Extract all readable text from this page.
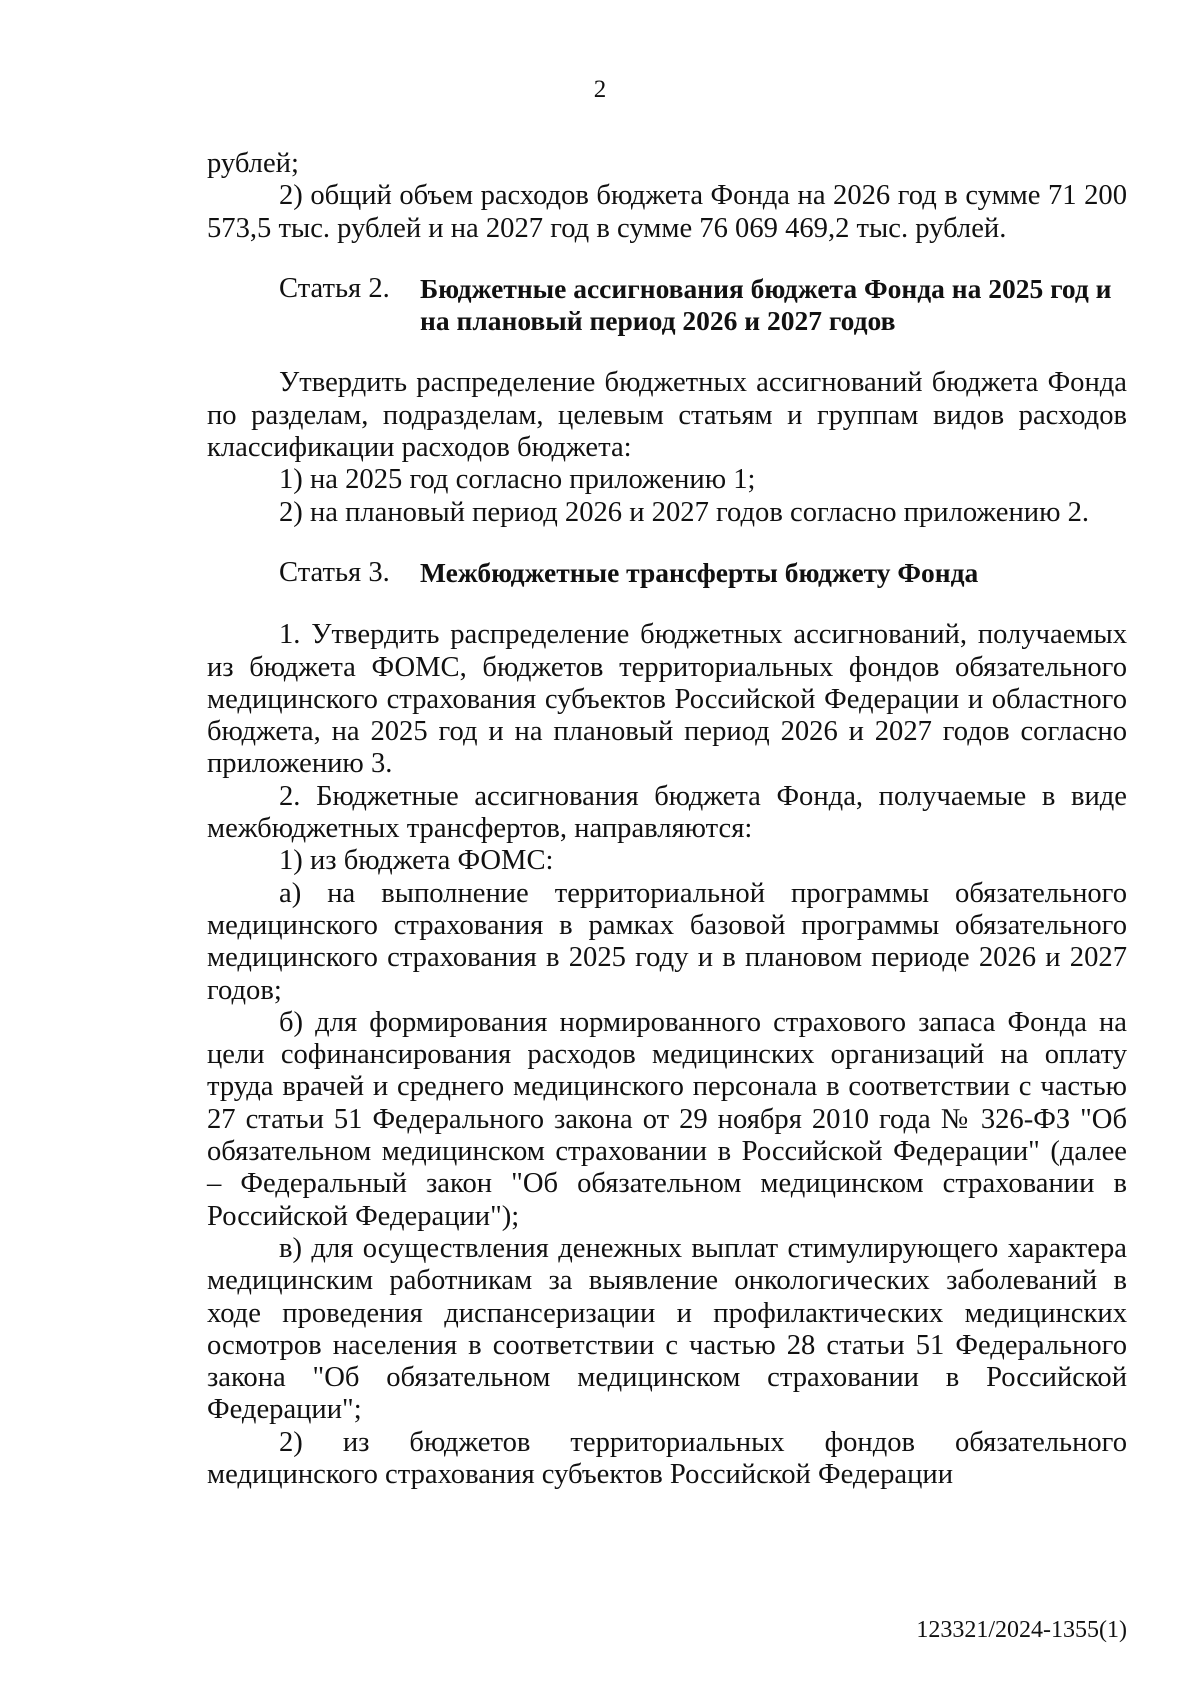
2

рублей;

2) общий объем расходов бюджета Фонда на 2026 год в сумме 71 200 573,5 тыс. рублей и на 2027 год в сумме 76 069 469,2 тыс. рублей.

Статья 2.	Бюджетные ассигнования бюджета Фонда на 2025 год и на плановый период 2026 и 2027 годов

Утвердить распределение бюджетных ассигнований бюджета Фонда по разделам, подразделам, целевым статьям и группам видов расходов классификации расходов бюджета:

1) на 2025 год согласно приложению 1;

2) на плановый период 2026 и 2027 годов согласно приложению 2.

Статья 3.	Межбюджетные трансферты бюджету Фонда

1. Утвердить распределение бюджетных ассигнований, получаемых из бюджета ФОМС, бюджетов территориальных фондов обязательного медицинского страхования субъектов Российской Федерации и областного бюджета, на 2025 год и на плановый период 2026 и 2027 годов согласно приложению 3.

2. Бюджетные ассигнования бюджета Фонда, получаемые в виде межбюджетных трансфертов, направляются:

1) из бюджета ФОМС:

а) на выполнение территориальной программы обязательного медицинского страхования в рамках базовой программы обязательного медицинского страхования в 2025 году и в плановом периоде 2026 и 2027 годов;

б) для формирования нормированного страхового запаса Фонда на цели софинансирования расходов медицинских организаций на оплату труда врачей и среднего медицинского персонала в соответствии с частью 27 статьи 51 Федерального закона от 29 ноября 2010 года № 326-ФЗ "Об обязательном медицинском страховании в Российской Федерации" (далее – Федеральный закон "Об обязательном медицинском страховании в Российской Федерации");

в) для осуществления денежных выплат стимулирующего характера медицинским работникам за выявление онкологических заболеваний в ходе проведения диспансеризации и профилактических медицинских осмотров населения в соответствии с частью 28 статьи 51 Федерального закона "Об обязательном медицинском страховании в Российской Федерации";

2) из бюджетов территориальных фондов обязательного медицинского страхования субъектов Российской Федерации

123321/2024-1355(1)
